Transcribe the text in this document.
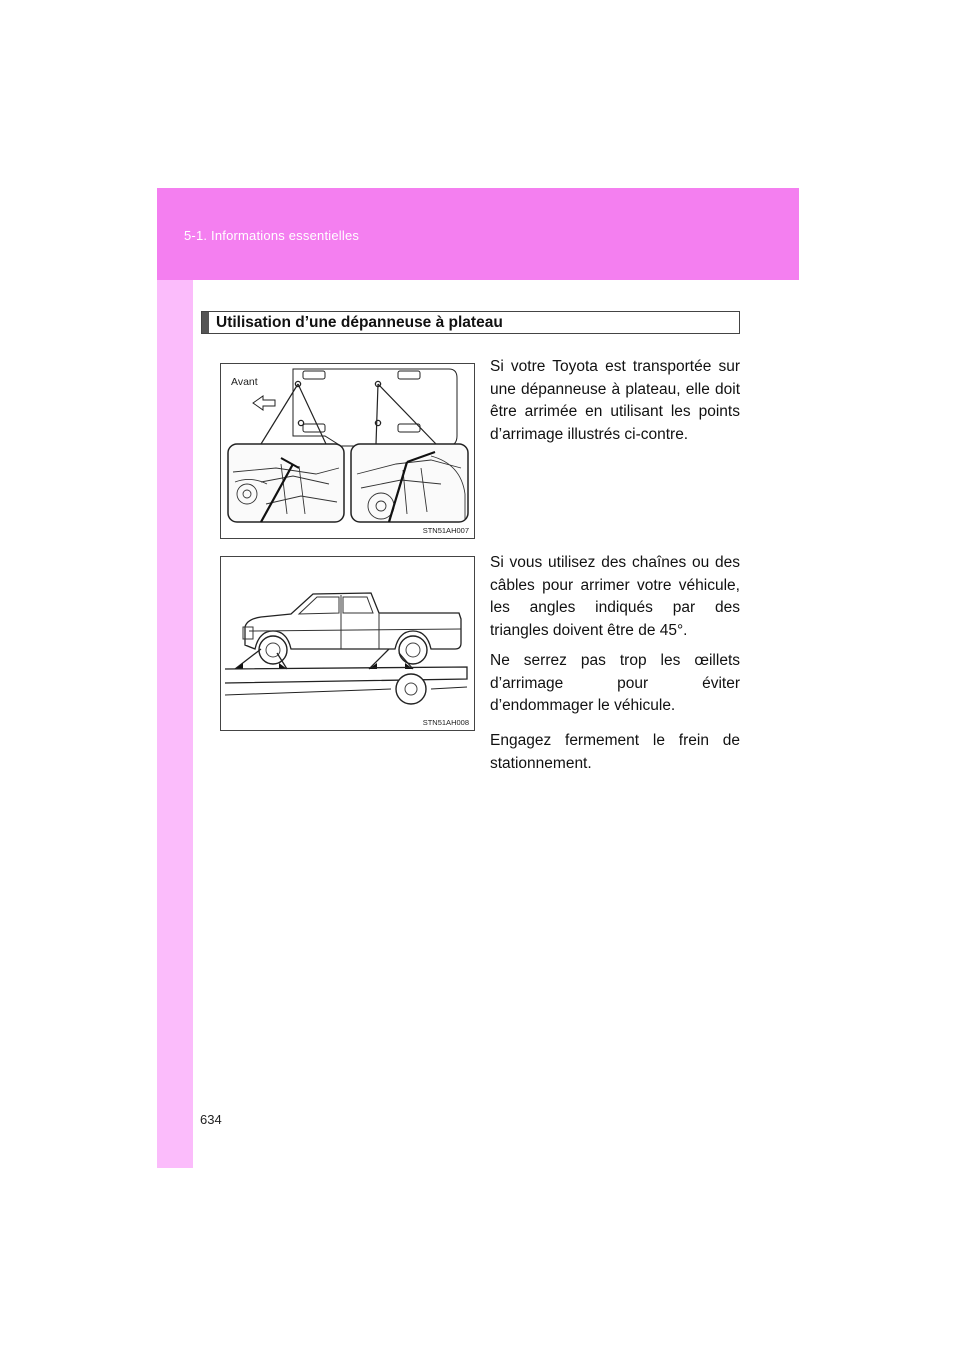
5-1. Informations essentielles
Utilisation d’une dépanneuse à plateau
Avant
STN51AH007
STN51AH008

Si votre Toyota est transportée sur une dépanneuse à plateau, elle doit être arrimée en utilisant les points d’arrimage illustrés ci-contre.

Si vous utilisez des chaînes ou des câbles pour arrimer votre véhicule, les angles indiqués par des triangles doivent être de 45°.

Ne serrez pas trop les œillets d’arrimage pour éviter d’endommager le véhicule.

Engagez fermement le frein de stationnement.

634
